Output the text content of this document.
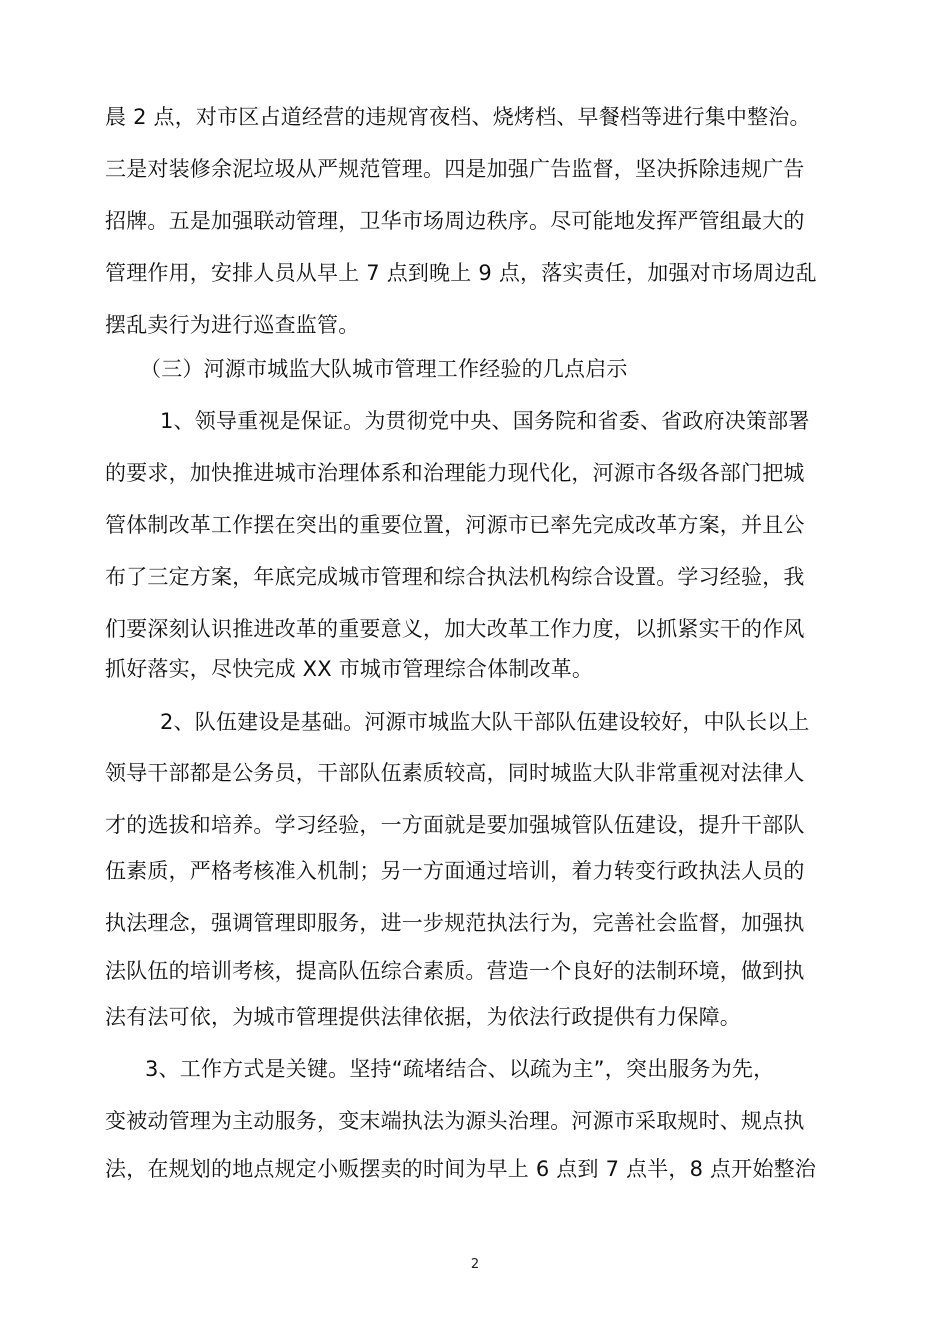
晨 2 点，对市区占道经营的违规宵夜档、烧烤档、早餐档等进行集中整治。
三是对装修余泥垃圾从严规范管理。四是加强广告监督，坚决拆除违规广告
招牌。五是加强联动管理，卫华市场周边秩序。尽可能地发挥严管组最大的
管理作用，安排人员从早上 7 点到晚上 9 点，落实责任，加强对市场周边乱
摆乱卖行为进行巡查监管。
（三）河源市城监大队城市管理工作经验的几点启示
1、领导重视是保证。为贯彻党中央、国务院和省委、省政府决策部署
的要求，加快推进城市治理体系和治理能力现代化，河源市各级各部门把城
管体制改革工作摆在突出的重要位置，河源市已率先完成改革方案，并且公
布了三定方案，年底完成城市管理和综合执法机构综合设置。学习经验，我
们要深刻认识推进改革的重要意义，加大改革工作力度，以抓紧实干的作风
抓好落实，尽快完成 XX 市城市管理综合体制改革。
2、队伍建设是基础。河源市城监大队干部队伍建设较好，中队长以上
领导干部都是公务员，干部队伍素质较高，同时城监大队非常重视对法律人
才的选拔和培养。学习经验，一方面就是要加强城管队伍建设，提升干部队
伍素质，严格考核准入机制；另一方面通过培训，着力转变行政执法人员的
执法理念，强调管理即服务，进一步规范执法行为，完善社会监督，加强执
法队伍的培训考核，提高队伍综合素质。营造一个良好的法制环境，做到执
法有法可依，为城市管理提供法律依据，为依法行政提供有力保障。
3、工作方式是关键。坚持“疏堵结合、以疏为主”，突出服务为先，
变被动管理为主动服务，变末端执法为源头治理。河源市采取规时、规点执
法，在规划的地点规定小贩摆卖的时间为早上 6 点到 7 点半，8 点开始整治
2
